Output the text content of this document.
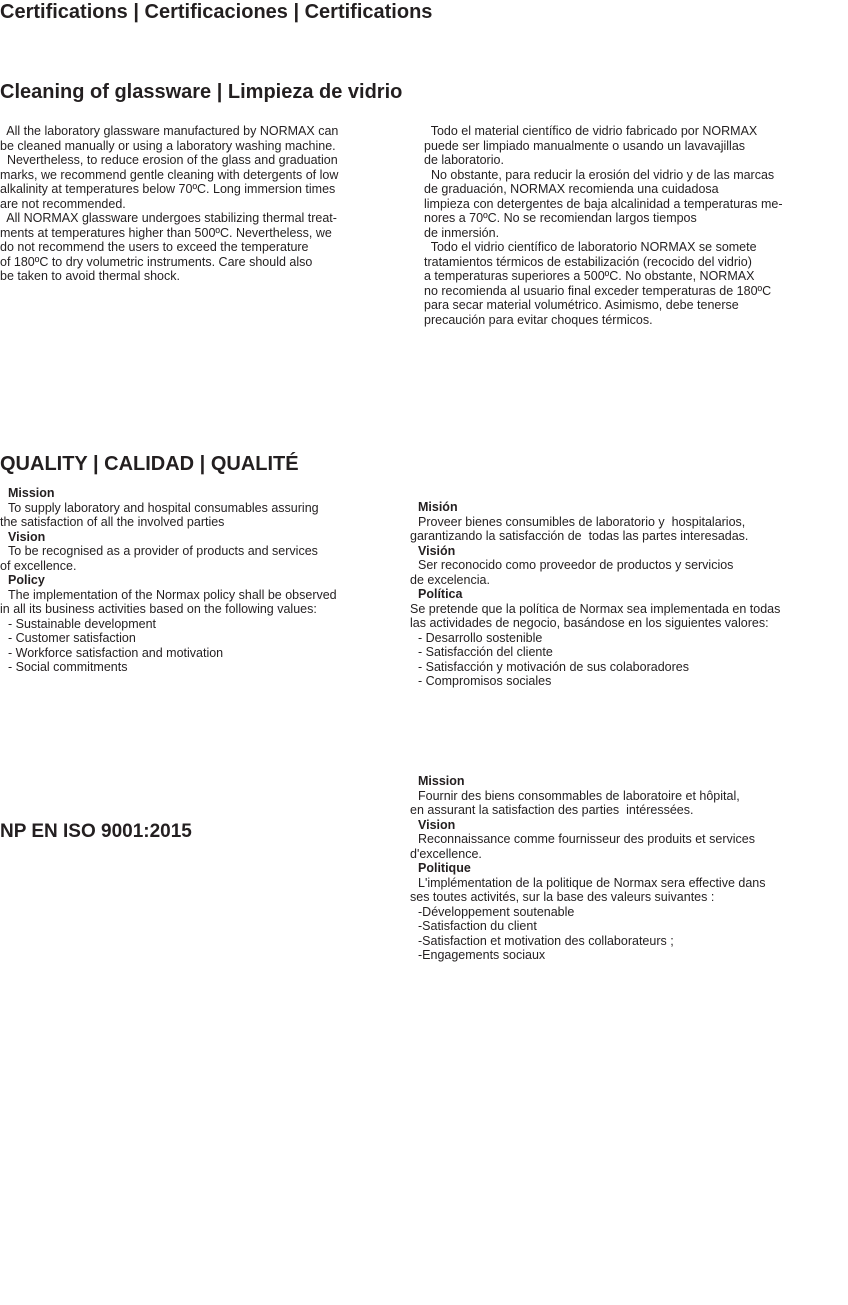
Certifications | Certificaciones | Certifications
Cleaning of glassware | Limpieza de vidrio
All the laboratory glassware manufactured by NORMAX can
be cleaned manually or using a laboratory washing machine.
Nevertheless, to reduce erosion of the glass and graduation
marks, we recommend gentle cleaning with detergents of low
alkalinity at temperatures below 70ºC. Long immersion times
are not recommended.
All NORMAX glassware undergoes stabilizing thermal treat-
ments at temperatures higher than 500ºC. Nevertheless, we
do not recommend the users to exceed the temperature
of 180ºC to dry volumetric instruments. Care should also
be taken to avoid thermal shock.
Todo el material científico de vidrio fabricado por NORMAX
puede ser limpiado manualmente o usando un lavavajillas
de laboratorio.
No obstante, para reducir la erosión del vidrio y de las marcas
de graduación, NORMAX recomienda una cuidadosa
limpieza con detergentes de baja alcalinidad a temperaturas me-
nores a 70ºC. No se recomiendan largos tiempos
de inmersión.
Todo el vidrio científico de laboratorio NORMAX se somete
tratamientos térmicos de estabilización (recocido del vidrio)
a temperaturas superiores a 500ºC. No obstante, NORMAX
no recomienda al usuario final exceder temperaturas de 180ºC
para secar material volumétrico. Asimismo, debe tenerse
precaución para evitar choques térmicos.
QUALITY | CALIDAD | QUALITÉ
Mission
To supply laboratory and hospital consumables assuring
the satisfaction of all the involved parties
Vision
To be recognised as a provider of products and services
of excellence.
Policy
The implementation of the Normax policy shall be observed
in all its business activities based on the following values:
- Sustainable development
- Customer satisfaction
- Workforce satisfaction and motivation
- Social commitments
Misión
Proveer bienes consumibles de laboratorio y  hospitalarios,
garantizando la satisfacción de  todas las partes interesadas.
Visión
Ser reconocido como proveedor de productos y servicios
de excelencia.
Política
Se pretende que la política de Normax sea implementada en todas
las actividades de negocio, basándose en los siguientes valores:
- Desarrollo sostenible
- Satisfacción del cliente
- Satisfacción y motivación de sus colaboradores
- Compromisos sociales
NP EN ISO 9001:2015
Mission
Fournir des biens consommables de laboratoire et hôpital,
en assurant la satisfaction des parties  intéressées.
Vision
Reconnaissance comme fournisseur des produits et services
d'excellence.
Politique
L'implémentation de la politique de Normax sera effective dans
ses toutes activités, sur la base des valeurs suivantes :
-Développement soutenable
-Satisfaction du client
-Satisfaction et motivation des collaborateurs ;
-Engagements sociaux
